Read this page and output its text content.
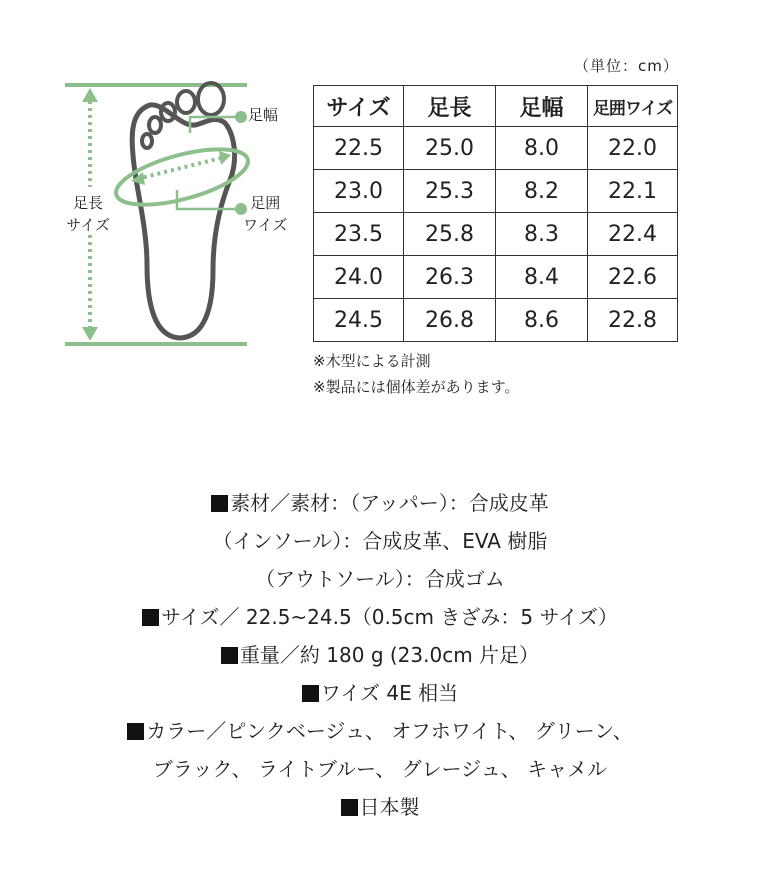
（単位：cm）
足長
サイズ
足幅
足囲
ワイズ
サイズ	足長	足幅	足囲ワイズ
22.5	25.0	8.0	22.0
23.0	25.3	8.2	22.1
23.5	25.8	8.3	22.4
24.0	26.3	8.4	22.6
24.5	26.8	8.6	22.8
※木型による計測
※製品には個体差があります。
素材／素材：（アッパー）：合成皮革
（インソール）：合成皮革、EVA 樹脂
（アウトソール）：合成ゴム
サイズ／ 22.5~24.5（0.5cm きざみ：5 サイズ）
重量／約 180 g (23.0cm 片足）
ワイズ 4E 相当
カラー／ピンクベージュ、 オフホワイト、 グリーン、
ブラック、 ライトブルー、 グレージュ、 キャメル
日本製
